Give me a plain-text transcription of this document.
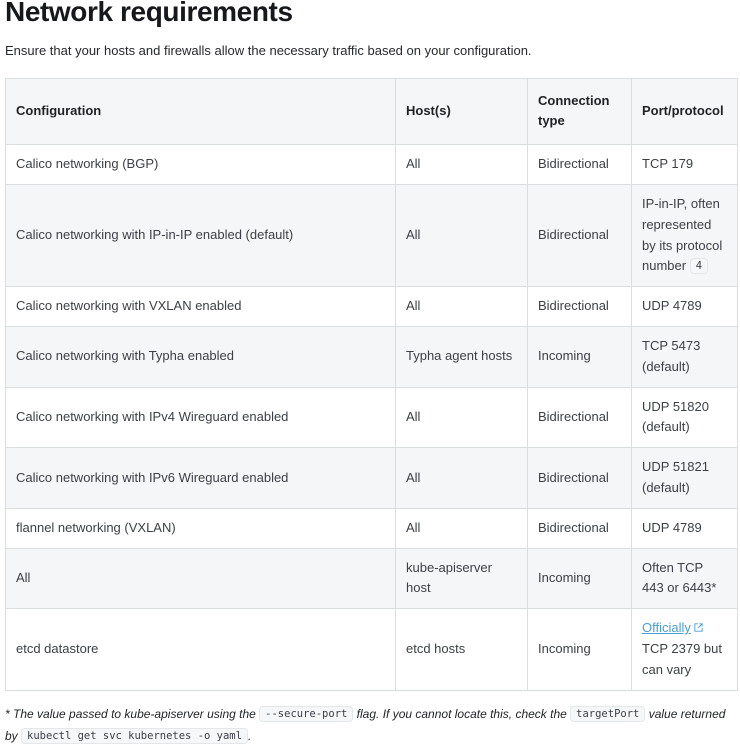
Network requirements

Ensure that your hosts and firewalls allow the necessary traffic based on your configuration.

Configuration	Host(s)	Connection type	Port/protocol
Calico networking (BGP)	All	Bidirectional	TCP 179
Calico networking with IP-in-IP enabled (default)	All	Bidirectional	IP-in-IP, often represented by its protocol number 4
Calico networking with VXLAN enabled	All	Bidirectional	UDP 4789
Calico networking with Typha enabled	Typha agent hosts	Incoming	TCP 5473 (default)
Calico networking with IPv4 Wireguard enabled	All	Bidirectional	UDP 51820 (default)
Calico networking with IPv6 Wireguard enabled	All	Bidirectional	UDP 51821 (default)
flannel networking (VXLAN)	All	Bidirectional	UDP 4789
All	kube-apiserver host	Incoming	Often TCP 443 or 6443*
etcd datastore	etcd hosts	Incoming	Officially TCP 2379 but can vary

* The value passed to kube-apiserver using the --secure-port flag. If you cannot locate this, check the targetPort value returned by kubectl get svc kubernetes -o yaml .
